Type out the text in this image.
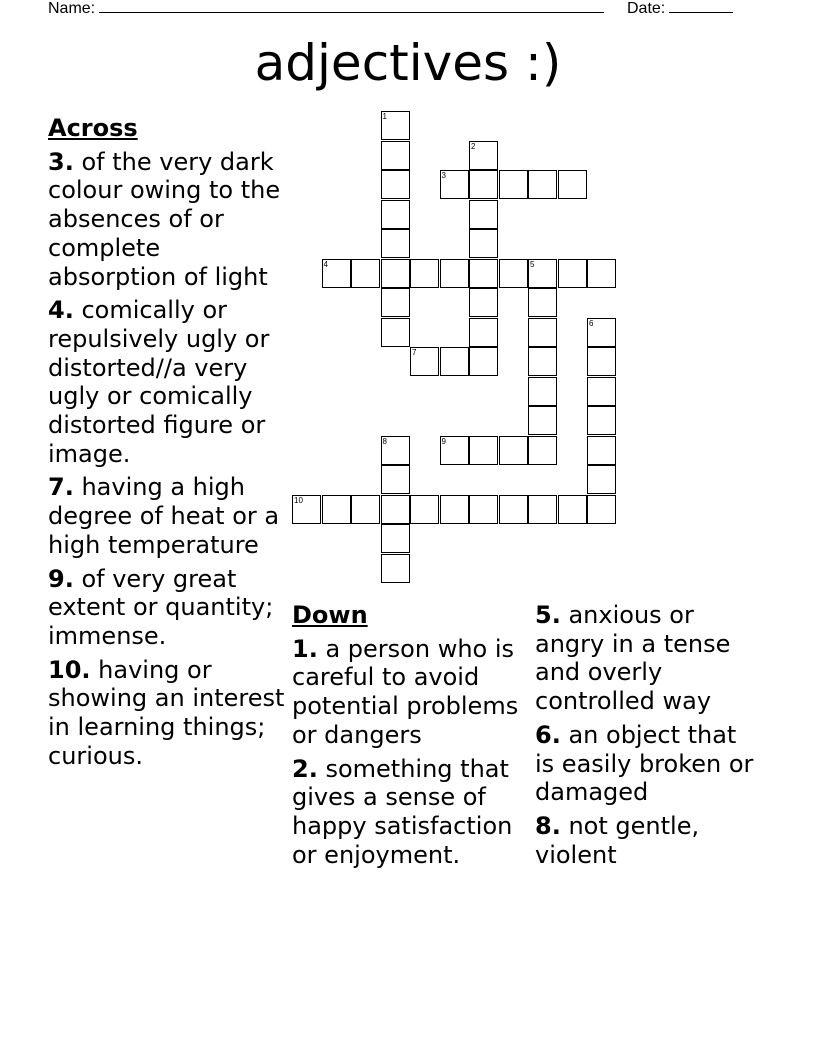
Name:	Date:
adjectives :)
Across
3. of the very dark colour owing to the absences of or complete absorption of light
4. comically or repulsively ugly or distorted//a very ugly or comically distorted figure or image.
7. having a high degree of heat or a high temperature
9. of very great extent or quantity; immense.
10. having or showing an interest in learning things; curious.
Down
1. a person who is careful to avoid potential problems or dangers
2. something that gives a sense of happy satisfaction or enjoyment.
5. anxious or angry in a tense and overly controlled way
6. an object that is easily broken or damaged
8. not gentle, violent
1
2
3
4	5
6
7
8	9
10
